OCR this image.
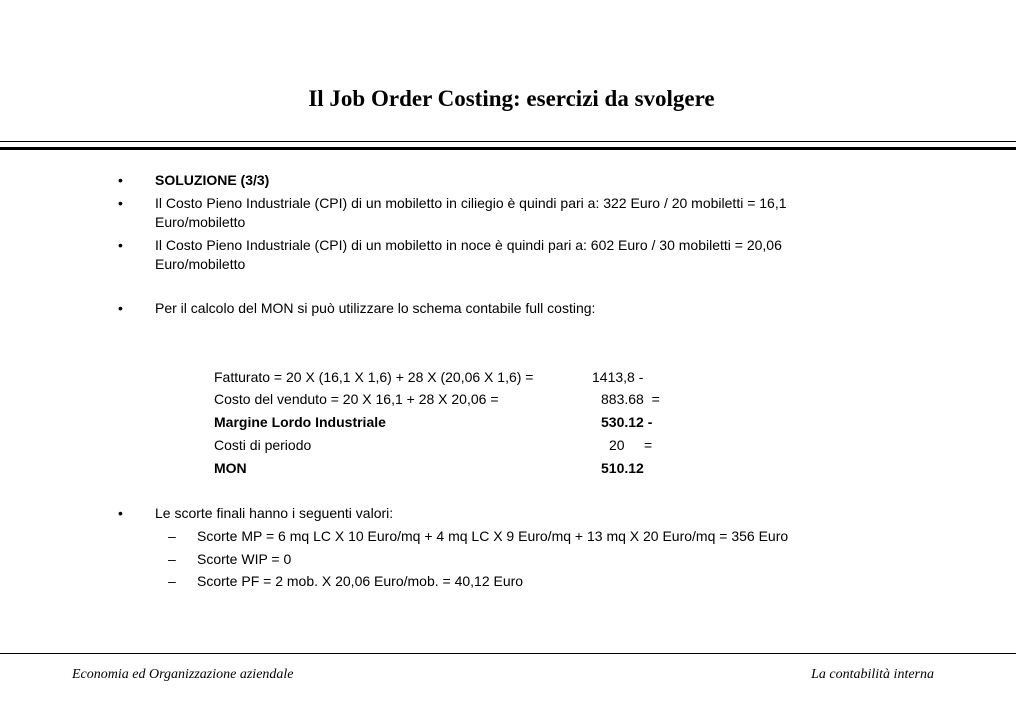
Il Job Order Costing: esercizi da svolgere
• SOLUZIONE (3/3)
• Il Costo Pieno Industriale (CPI) di un mobiletto in ciliegio è quindi pari a: 322 Euro / 20 mobiletti = 16,1 Euro/mobiletto
• Il Costo Pieno Industriale (CPI) di un mobiletto in noce è quindi pari a: 602 Euro / 30 mobiletti = 20,06 Euro/mobiletto
• Per il calcolo del MON si può utilizzare lo schema contabile full costing:
Fatturato = 20 X (16,1 X 1,6) + 28 X (20,06 X 1,6) =	1413,8 -
Costo del venduto = 20 X 16,1 + 28 X 20,06 =	883.68  =
Margine Lordo Industriale	530.12 -
Costi di periodo	20     =
MON	510.12
• Le scorte finali hanno i seguenti valori:
– Scorte MP = 6 mq LC X 10 Euro/mq + 4 mq LC X 9 Euro/mq + 13 mq X 20 Euro/mq = 356 Euro
– Scorte WIP = 0
– Scorte PF = 2 mob. X 20,06 Euro/mob. = 40,12 Euro
Economia ed Organizzazione aziendale	La contabilità interna
